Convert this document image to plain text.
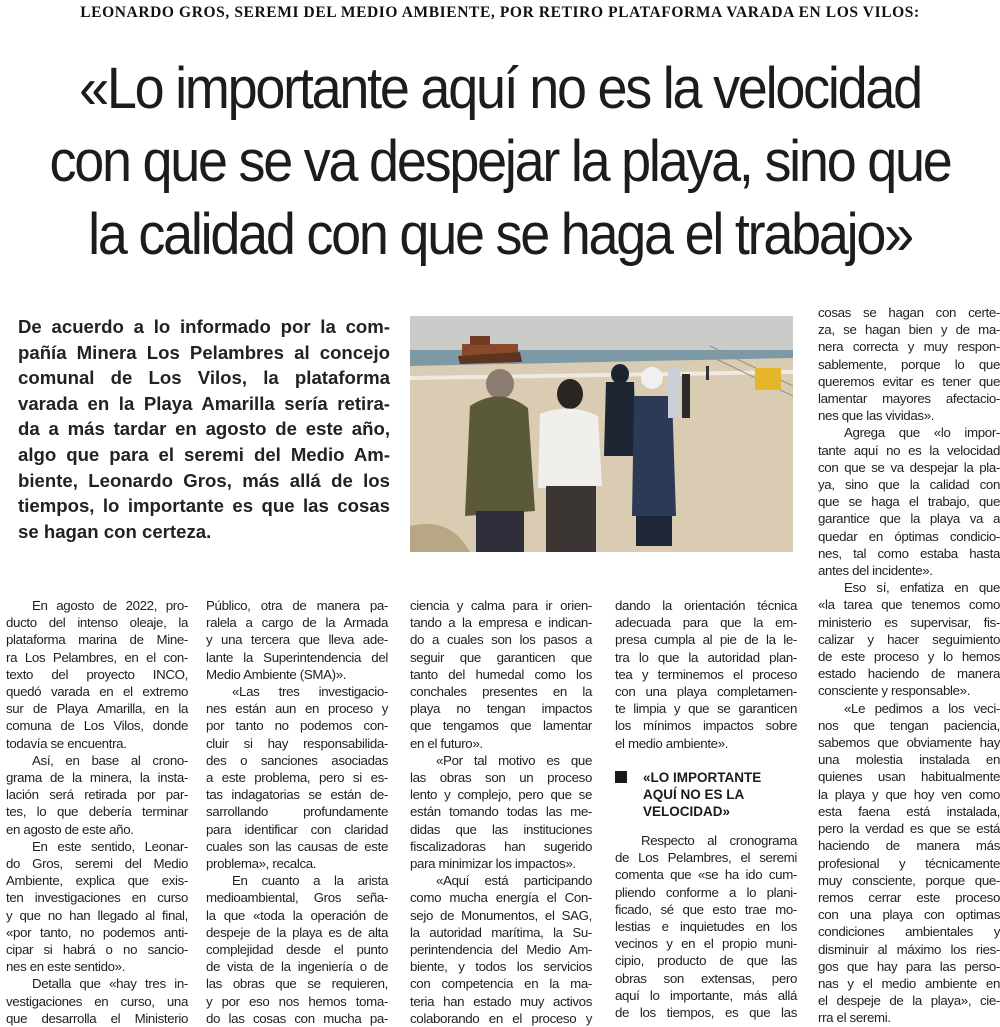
LEONARDO GROS, SEREMI DEL MEDIO AMBIENTE, POR RETIRO PLATAFORMA VARADA EN LOS VILOS:
«Lo importante aquí no es la velocidad
con que se va despejar la playa, sino que
la calidad con que se haga el trabajo»
De acuerdo a lo informado por la com-
pañía Minera Los Pelambres al concejo
comunal de Los Vilos, la plataforma
varada en la Playa Amarilla sería retira-
da a más tardar en agosto de este año,
algo que para el seremi del Medio Am-
biente, Leonardo Gros, más allá de los
tiempos, lo importante es que las cosas
se hagan con certeza.
En agosto de 2022, pro-
ducto del intenso oleaje, la
plataforma marina de Mine-
ra Los Pelambres, en el con-
texto del proyecto INCO,
quedó varada en el extremo
sur de Playa Amarilla, en la
comuna de Los Vilos, donde
todavía se encuentra.
Así, en base al crono-
grama de la minera, la insta-
lación será retirada por par-
tes, lo que debería terminar
en agosto de este año.
En este sentido, Leonar-
do Gros, seremi del Medio
Ambiente, explica que exis-
ten investigaciones en curso
y que no han llegado al final,
«por tanto, no podemos anti-
cipar si habrá o no sancio-
nes en este sentido».
Detalla que «hay tres in-
vestigaciones en curso, una
que desarrolla el Ministerio
Público, otra de manera pa-
ralela a cargo de la Armada
y una tercera que lleva ade-
lante la Superintendencia del
Medio Ambiente (SMA)».
«Las tres investigacio-
nes están aun en proceso y
por tanto no podemos con-
cluir si hay responsabilida-
des o sanciones asociadas
a este problema, pero si es-
tas indagatorias se están de-
sarrollando profundamente
para identificar con claridad
cuales son las causas de este
problema», recalca.
En cuanto a la arista
medioambiental, Gros seña-
la que «toda la operación de
despeje de la playa es de alta
complejidad desde el punto
de vista de la ingeniería o de
las obras que se requieren,
y por eso nos hemos toma-
do las cosas con mucha pa-
ciencia y calma para ir orien-
tando a la empresa e indican-
do a cuales son los pasos a
seguir que garanticen que
tanto del humedal como los
conchales presentes en la
playa no tengan impactos
que tengamos que lamentar
en el futuro».
«Por tal motivo es que
las obras son un proceso
lento y complejo, pero que se
están tomando todas las me-
didas que las instituciones
fiscalizadoras han sugerido
para minimizar los impactos».
«Aquí está participando
como mucha energía el Con-
sejo de Monumentos, el SAG,
la autoridad marítima, la Su-
perintendencia del Medio Am-
biente, y todos los servicios
con competencia en la ma-
teria han estado muy activos
colaborando en el proceso y
dando la orientación técnica
adecuada para que la em-
presa cumpla al pie de la le-
tra lo que la autoridad plan-
tea y terminemos el proceso
con una playa completamen-
te limpia y que se garanticen
los mínimos impactos sobre
el medio ambiente».
«LO IMPORTANTE
AQUÍ NO ES LA
VELOCIDAD»
Respecto al cronograma
de Los Pelambres, el seremi
comenta que «se ha ido cum-
pliendo conforme a lo plani-
ficado, sé que esto trae mo-
lestias e inquietudes en los
vecinos y en el propio muni-
cipio, producto de que las
obras son extensas, pero
aquí lo importante, más allá
de los tiempos, es que las
cosas se hagan con certe-
za, se hagan bien y de ma-
nera correcta y muy respon-
sablemente, porque lo que
queremos evitar es tener que
lamentar mayores afectacio-
nes que las vividas».
Agrega que «lo impor-
tante aquí no es la velocidad
con que se va despejar la pla-
ya, sino que la calidad con
que se haga el trabajo, que
garantice que la playa va a
quedar en óptimas condicio-
nes, tal como estaba hasta
antes del incidente».
Eso sí, enfatiza en que
«la tarea que tenemos como
ministerio es supervisar, fis-
calizar y hacer seguimiento
de este proceso y lo hemos
estado haciendo de manera
consciente y responsable».
«Le pedimos a los veci-
nos que tengan paciencia,
sabemos que obviamente hay
una molestia instalada en
quienes usan habitualmente
la playa y que hoy ven como
esta faena está instalada,
pero la verdad es que se está
haciendo de manera más
profesional y técnicamente
muy consciente, porque que-
remos cerrar este proceso
con una playa con optimas
condiciones ambientales y
disminuir al máximo los ries-
gos que hay para las perso-
nas y el medio ambiente en
el despeje de la playa», cie-
rra el seremi.
